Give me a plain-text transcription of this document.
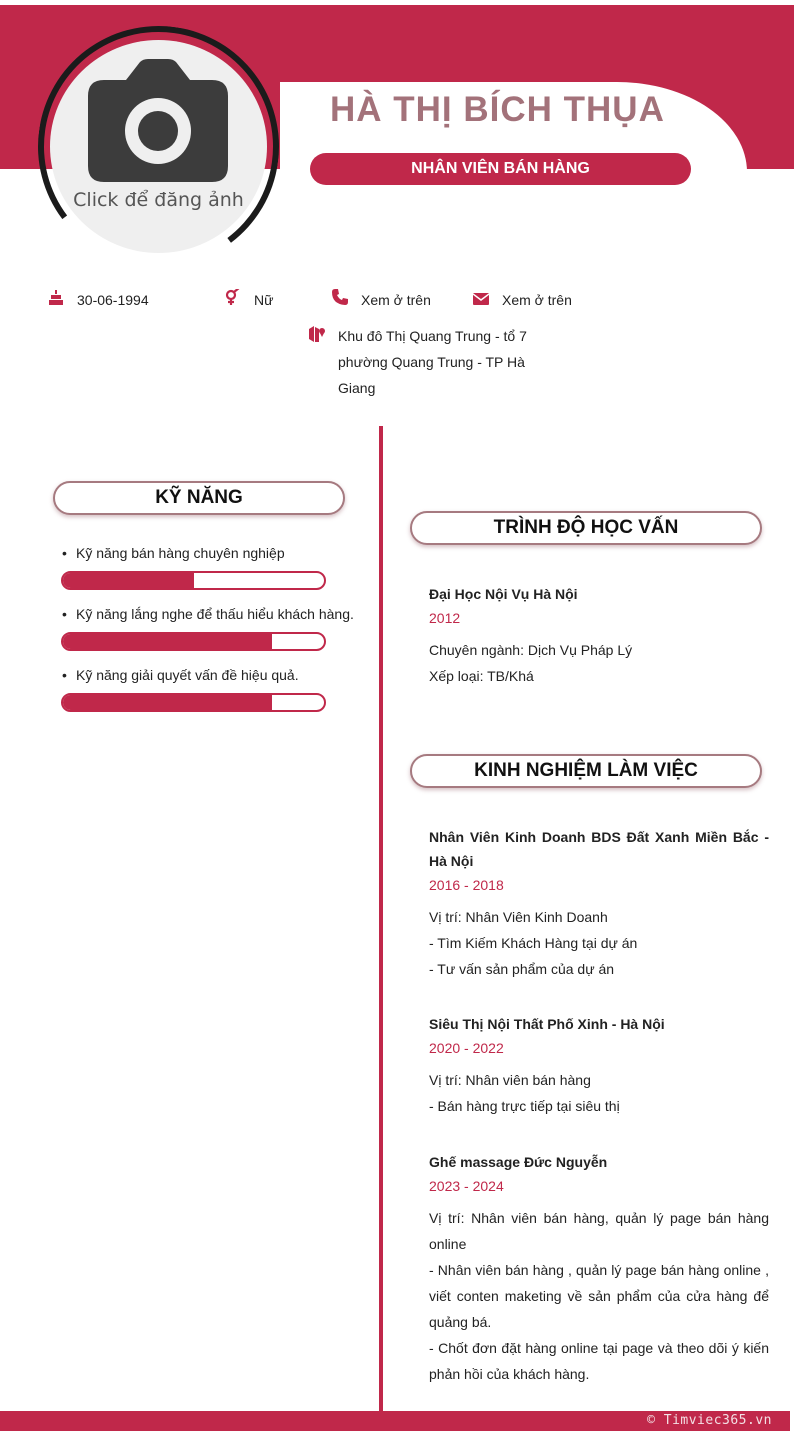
Click để đăng ảnh
HÀ THỊ BÍCH THỤA
NHÂN VIÊN BÁN HÀNG
30-06-1994	Nữ	Xem ở trên	Xem ở trên
Khu đô Thị Quang Trung - tổ 7 phường Quang Trung - TP Hà Giang
KỸ NĂNG
• Kỹ năng bán hàng chuyên nghiệp
• Kỹ năng lắng nghe để thấu hiểu khách hàng.
• Kỹ năng giải quyết vấn đề hiệu quả.
TRÌNH ĐỘ HỌC VẤN
Đại Học Nội Vụ Hà Nội
2012
Chuyên ngành: Dịch Vụ Pháp Lý
Xếp loại: TB/Khá
KINH NGHIỆM LÀM VIỆC
Nhân Viên Kinh Doanh BDS Đất Xanh Miền Bắc - Hà Nội
2016 - 2018
Vị trí: Nhân Viên Kinh Doanh
- Tìm Kiếm Khách Hàng tại dự án
- Tư vấn sản phẩm của dự án
Siêu Thị Nội Thất Phố Xinh - Hà Nội
2020 - 2022
Vị trí: Nhân viên bán hàng
- Bán hàng trực tiếp tại siêu thị
Ghế massage Đức Nguyễn
2023 - 2024
Vị trí: Nhân viên bán hàng, quản lý page bán hàng online
- Nhân viên bán hàng , quản lý page bán hàng online , viết conten maketing về sản phẩm của cửa hàng để quảng bá.
- Chốt đơn đặt hàng online tại page và theo dõi ý kiến phản hồi của khách hàng.
© Timviec365.vn
